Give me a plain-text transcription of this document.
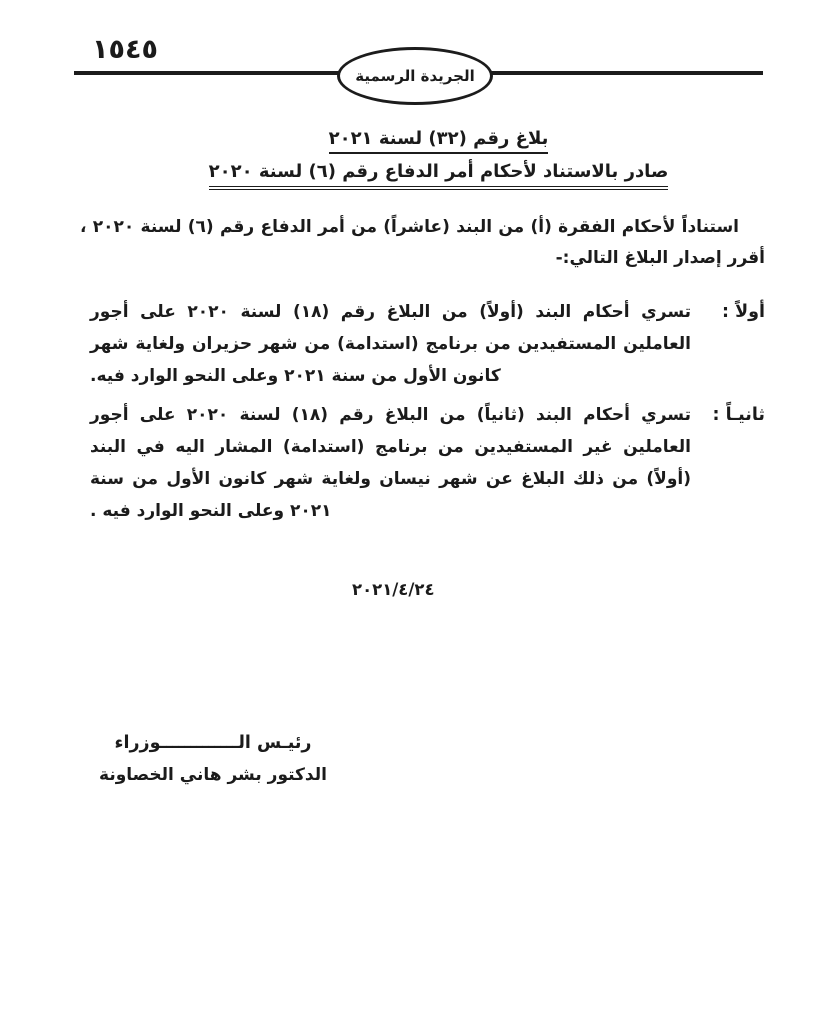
١٥٤٥
الجريدة الرسمية
بلاغ رقم (٣٢) لسنة ٢٠٢١
صادر بالاستناد لأحكام أمر الدفاع رقم (٦) لسنة ٢٠٢٠

استناداً لأحكام الفقرة (أ) من البند (عاشراً) من أمر الدفاع رقم (٦) لسنة ٢٠٢٠ ، أقرر إصدار البلاغ التالي:-

أولاً :
تسري أحكام البند (أولاً) من البلاغ رقم (١٨) لسنة ٢٠٢٠ على أجور العاملين المستفيدين من برنامج (استدامة) من شهر حزيران ولغاية شهر كانون الأول من سنة ٢٠٢١ وعلى النحو الوارد فيه.
ثانيـاً :
تسري أحكام البند (ثانياً) من البلاغ رقم (١٨) لسنة ٢٠٢٠ على أجور العاملين غير المستفيدين من برنامج (استدامة) المشار اليه في البند (أولاً) من ذلك البلاغ عن شهر نيسان ولغاية شهر كانون الأول من سنة ٢٠٢١ وعلى النحو الوارد فيه .
٢٠٢١/٤/٢٤
رئيـس الـــــــــــــوزراء
الدكتور بشر هاني الخصاونة
